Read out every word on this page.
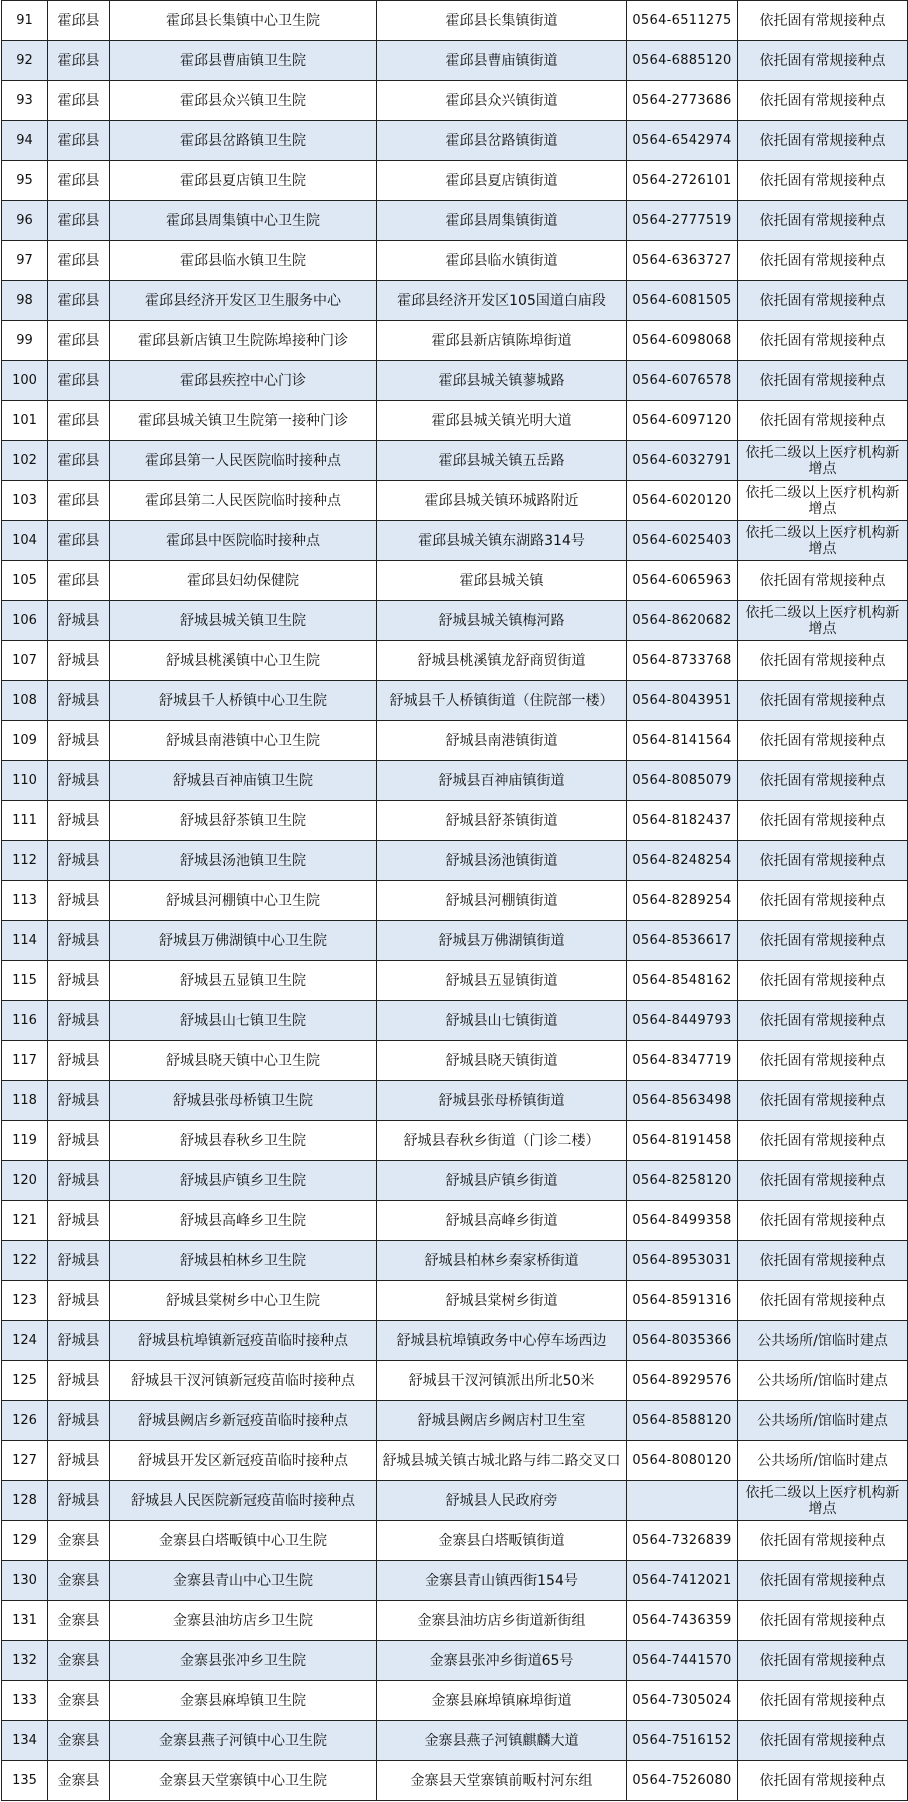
91	霍邱县	霍邱县长集镇中心卫生院	霍邱县长集镇街道	0564-6511275	依托固有常规接种点
92	霍邱县	霍邱县曹庙镇卫生院	霍邱县曹庙镇街道	0564-6885120	依托固有常规接种点
93	霍邱县	霍邱县众兴镇卫生院	霍邱县众兴镇街道	0564-2773686	依托固有常规接种点
94	霍邱县	霍邱县岔路镇卫生院	霍邱县岔路镇街道	0564-6542974	依托固有常规接种点
95	霍邱县	霍邱县夏店镇卫生院	霍邱县夏店镇街道	0564-2726101	依托固有常规接种点
96	霍邱县	霍邱县周集镇中心卫生院	霍邱县周集镇街道	0564-2777519	依托固有常规接种点
97	霍邱县	霍邱县临水镇卫生院	霍邱县临水镇街道	0564-6363727	依托固有常规接种点
98	霍邱县	霍邱县经济开发区卫生服务中心	霍邱县经济开发区105国道白庙段	0564-6081505	依托固有常规接种点
99	霍邱县	霍邱县新店镇卫生院陈埠接种门诊	霍邱县新店镇陈埠街道	0564-6098068	依托固有常规接种点
100	霍邱县	霍邱县疾控中心门诊	霍邱县城关镇蓼城路	0564-6076578	依托固有常规接种点
101	霍邱县	霍邱县城关镇卫生院第一接种门诊	霍邱县城关镇光明大道	0564-6097120	依托固有常规接种点
102	霍邱县	霍邱县第一人民医院临时接种点	霍邱县城关镇五岳路	0564-6032791	依托二级以上医疗机构新增点
103	霍邱县	霍邱县第二人民医院临时接种点	霍邱县城关镇环城路附近	0564-6020120	依托二级以上医疗机构新增点
104	霍邱县	霍邱县中医院临时接种点	霍邱县城关镇东湖路314号	0564-6025403	依托二级以上医疗机构新增点
105	霍邱县	霍邱县妇幼保健院	霍邱县城关镇	0564-6065963	依托固有常规接种点
106	舒城县	舒城县城关镇卫生院	舒城县城关镇梅河路	0564-8620682	依托二级以上医疗机构新增点
107	舒城县	舒城县桃溪镇中心卫生院	舒城县桃溪镇龙舒商贸街道	0564-8733768	依托固有常规接种点
108	舒城县	舒城县千人桥镇中心卫生院	舒城县千人桥镇街道（住院部一楼）	0564-8043951	依托固有常规接种点
109	舒城县	舒城县南港镇中心卫生院	舒城县南港镇街道	0564-8141564	依托固有常规接种点
110	舒城县	舒城县百神庙镇卫生院	舒城县百神庙镇街道	0564-8085079	依托固有常规接种点
111	舒城县	舒城县舒茶镇卫生院	舒城县舒茶镇街道	0564-8182437	依托固有常规接种点
112	舒城县	舒城县汤池镇卫生院	舒城县汤池镇街道	0564-8248254	依托固有常规接种点
113	舒城县	舒城县河棚镇中心卫生院	舒城县河棚镇街道	0564-8289254	依托固有常规接种点
114	舒城县	舒城县万佛湖镇中心卫生院	舒城县万佛湖镇街道	0564-8536617	依托固有常规接种点
115	舒城县	舒城县五显镇卫生院	舒城县五显镇街道	0564-8548162	依托固有常规接种点
116	舒城县	舒城县山七镇卫生院	舒城县山七镇街道	0564-8449793	依托固有常规接种点
117	舒城县	舒城县晓天镇中心卫生院	舒城县晓天镇街道	0564-8347719	依托固有常规接种点
118	舒城县	舒城县张母桥镇卫生院	舒城县张母桥镇街道	0564-8563498	依托固有常规接种点
119	舒城县	舒城县春秋乡卫生院	舒城县春秋乡街道（门诊二楼）	0564-8191458	依托固有常规接种点
120	舒城县	舒城县庐镇乡卫生院	舒城县庐镇乡街道	0564-8258120	依托固有常规接种点
121	舒城县	舒城县高峰乡卫生院	舒城县高峰乡街道	0564-8499358	依托固有常规接种点
122	舒城县	舒城县柏林乡卫生院	舒城县柏林乡秦家桥街道	0564-8953031	依托固有常规接种点
123	舒城县	舒城县棠树乡中心卫生院	舒城县棠树乡街道	0564-8591316	依托固有常规接种点
124	舒城县	舒城县杭埠镇新冠疫苗临时接种点	舒城县杭埠镇政务中心停车场西边	0564-8035366	公共场所/馆临时建点
125	舒城县	舒城县干汊河镇新冠疫苗临时接种点	舒城县干汊河镇派出所北50米	0564-8929576	公共场所/馆临时建点
126	舒城县	舒城县阙店乡新冠疫苗临时接种点	舒城县阙店乡阙店村卫生室	0564-8588120	公共场所/馆临时建点
127	舒城县	舒城县开发区新冠疫苗临时接种点	舒城县城关镇古城北路与纬二路交叉口	0564-8080120	公共场所/馆临时建点
128	舒城县	舒城县人民医院新冠疫苗临时接种点	舒城县人民政府旁		依托二级以上医疗机构新增点
129	金寨县	金寨县白塔畈镇中心卫生院	金寨县白塔畈镇街道	0564-7326839	依托固有常规接种点
130	金寨县	金寨县青山中心卫生院	金寨县青山镇西街154号	0564-7412021	依托固有常规接种点
131	金寨县	金寨县油坊店乡卫生院	金寨县油坊店乡街道新街组	0564-7436359	依托固有常规接种点
132	金寨县	金寨县张冲乡卫生院	金寨县张冲乡街道65号	0564-7441570	依托固有常规接种点
133	金寨县	金寨县麻埠镇卫生院	金寨县麻埠镇麻埠街道	0564-7305024	依托固有常规接种点
134	金寨县	金寨县燕子河镇中心卫生院	金寨县燕子河镇麒麟大道	0564-7516152	依托固有常规接种点
135	金寨县	金寨县天堂寨镇中心卫生院	金寨县天堂寨镇前畈村河东组	0564-7526080	依托固有常规接种点
